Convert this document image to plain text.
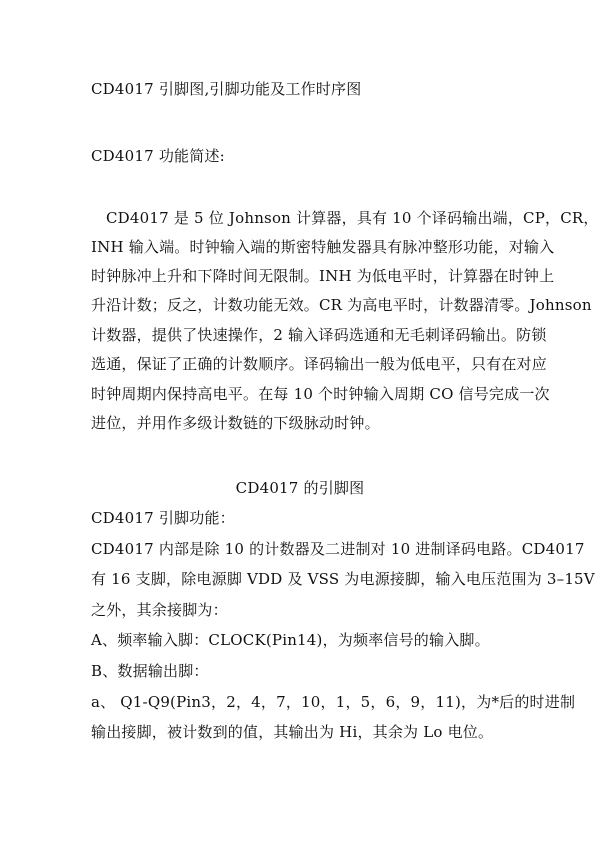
CD4017 引脚图,引脚功能及工作时序图
CD4017 功能简述:
CD4017 是 5 位 Johnson 计算器，具有 10 个译码输出端，CP，CR，
INH 输入端。时钟输入端的斯密特触发器具有脉冲整形功能，对输入
时钟脉冲上升和下降时间无限制。INH 为低电平时，计算器在时钟上
升沿计数；反之，计数功能无效。CR 为高电平时，计数器清零。Johnson
计数器，提供了快速操作，2 输入译码选通和无毛刺译码输出。防锁
选通，保证了正确的计数顺序。译码输出一般为低电平，只有在对应
时钟周期内保持高电平。在每 10 个时钟输入周期 CO 信号完成一次
进位，并用作多级计数链的下级脉动时钟。
CD4017 的引脚图
CD4017 引脚功能：
CD4017 内部是除 10 的计数器及二进制对 10 进制译码电路。CD4017
有 16 支脚，除电源脚 VDD 及 VSS 为电源接脚，输入电压范围为 3–15V
之外，其余接脚为：
A、频率输入脚：CLOCK(Pin14)，为频率信号的输入脚。
B、数据输出脚：
a、 Q1-Q9(Pin3，2，4，7，10，1，5，6，9，11)，为*后的时进制
输出接脚，被计数到的值，其输出为 Hi，其余为 Lo 电位。
